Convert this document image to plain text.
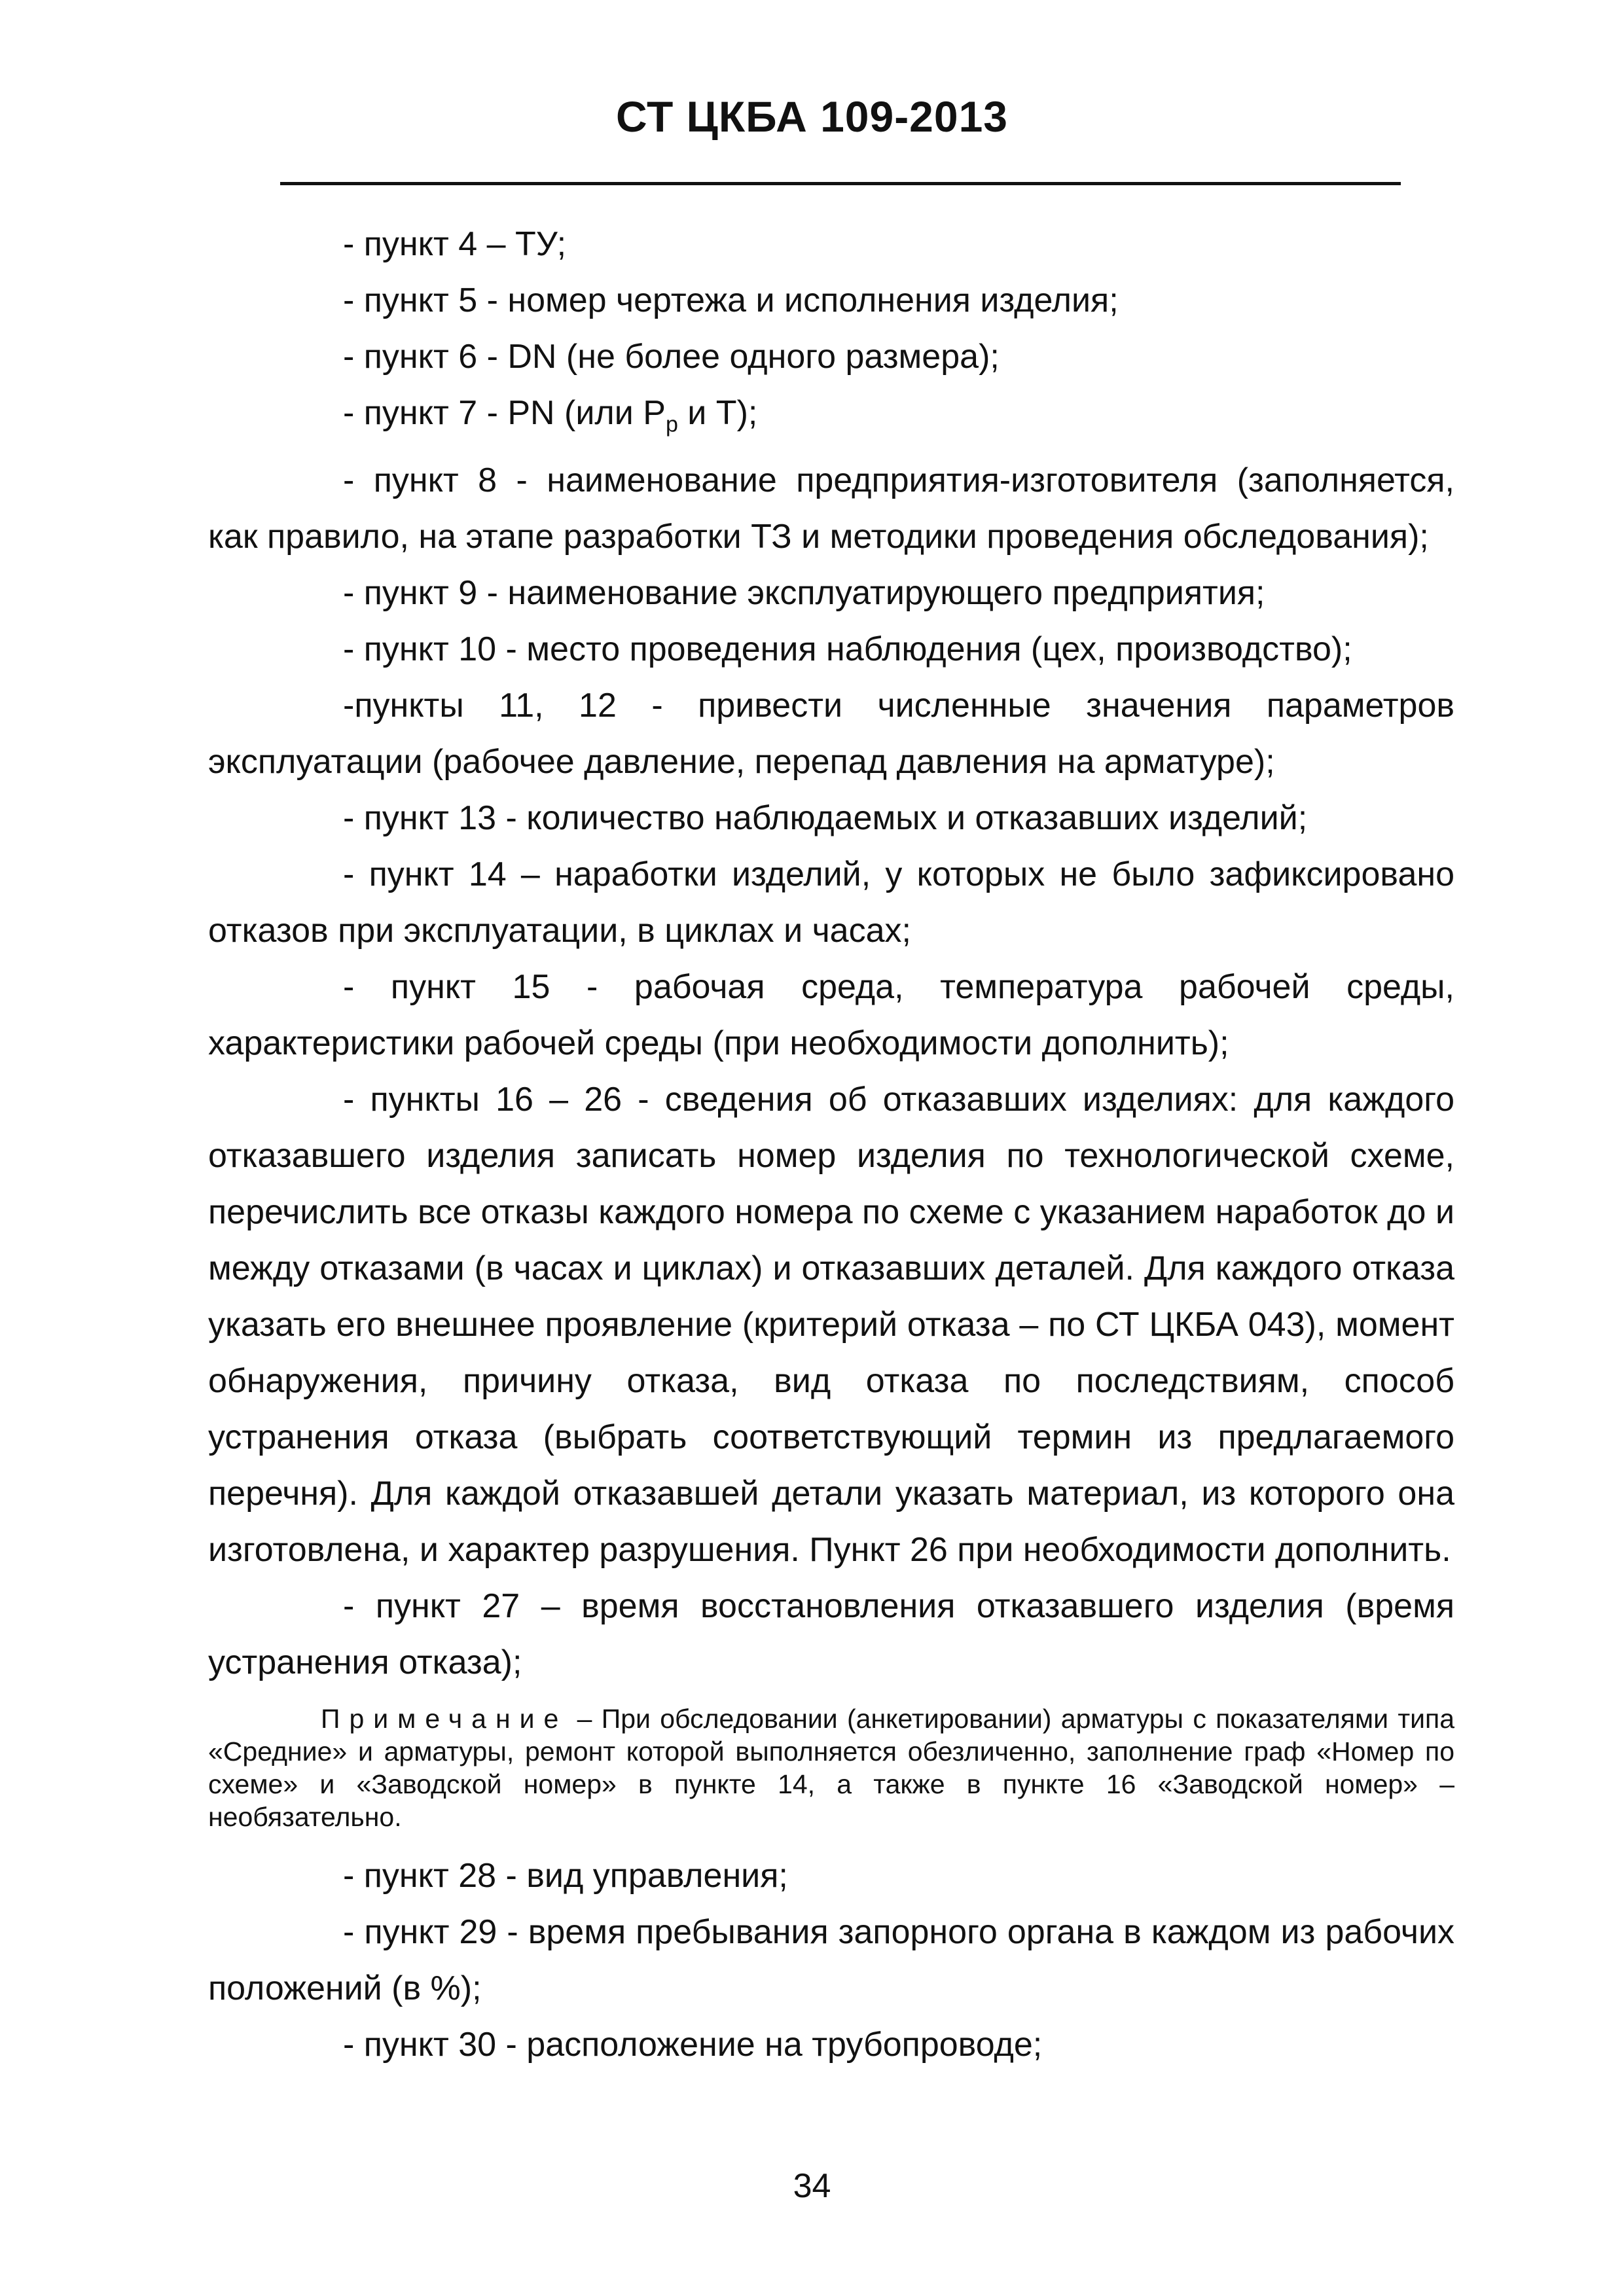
СТ ЦКБА 109-2013

- пункт 4 – ТУ;

- пункт 5 - номер чертежа и исполнения изделия;

- пункт 6 - DN (не более одного размера);

- пункт 7 - PN (или $P_р$ и Т);

- пункт 8 - наименование предприятия-изготовителя (заполняется, как правило, на этапе разработки ТЗ и методики проведения обследования);

- пункт 9 - наименование эксплуатирующего предприятия;

- пункт 10 - место проведения наблюдения (цех, производство);

-пункты 11, 12 - привести численные значения параметров эксплуатации (рабочее давление, перепад давления на арматуре);

- пункт 13 - количество наблюдаемых и отказавших изделий;

- пункт 14 – наработки изделий, у которых не было зафиксировано отказов при эксплуатации, в циклах и часах;

- пункт 15 - рабочая среда, температура рабочей среды, характеристики рабочей среды (при необходимости дополнить);

- пункты 16 – 26 - сведения об отказавших изделиях: для каждого отказавшего изделия записать номер изделия по технологической схеме, перечислить все отказы каждого номера по схеме с указанием наработок до и между отказами (в часах и циклах) и отказавших деталей. Для каждого отказа указать его внешнее проявление (критерий отказа – по СТ ЦКБА 043), момент обнаружения, причину отказа, вид отказа по последствиям, способ устранения отказа (выбрать соответствующий термин из предлагаемого перечня). Для каждой отказавшей детали указать материал, из которого она изготовлена, и характер разрушения. Пункт 26 при необходимости дополнить.

- пункт 27 – время восстановления отказавшего изделия (время устранения отказа);

Примечание – При обследовании (анкетировании) арматуры с показателями типа «Средние» и арматуры, ремонт которой выполняется обезличенно, заполнение граф «Номер по схеме» и «Заводской номер» в пункте 14, а также в пункте 16 «Заводской номер» – необязательно.

- пункт 28 - вид управления;

- пункт 29 - время пребывания запорного органа в каждом из рабочих положений (в %);

- пункт 30 - расположение на трубопроводе;

34
